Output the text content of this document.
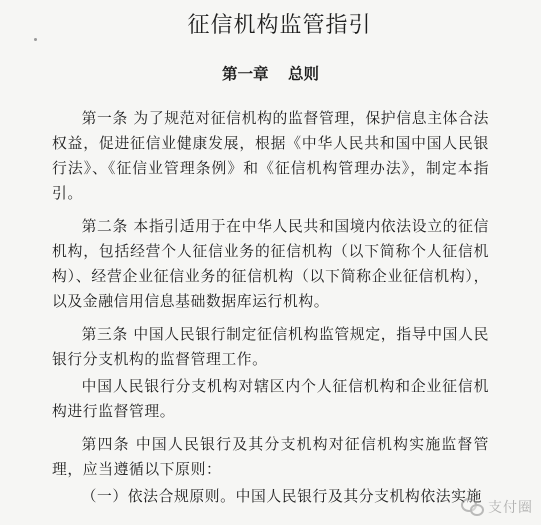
征信机构监管指引
第一章 总则

第一条 为了规范对征信机构的监督管理，保护信息主体合法权益，促进征信业健康发展，根据《中华人民共和国中国人民银行法》、《征信业管理条例》和《征信机构管理办法》，制定本指引。

第二条 本指引适用于在中华人民共和国境内依法设立的征信机构，包括经营个人征信业务的征信机构（以下简称个人征信机构）、经营企业征信业务的征信机构（以下简称企业征信机构），以及金融信用信息基础数据库运行机构。

第三条 中国人民银行制定征信机构监管规定，指导中国人民银行分支机构的监督管理工作。

中国人民银行分支机构对辖区内个人征信机构和企业征信机构进行监督管理。

第四条 中国人民银行及其分支机构对征信机构实施监督管理，应当遵循以下原则：

（一）依法合规原则。中国人民银行及其分支机构依法实施

支付圈
